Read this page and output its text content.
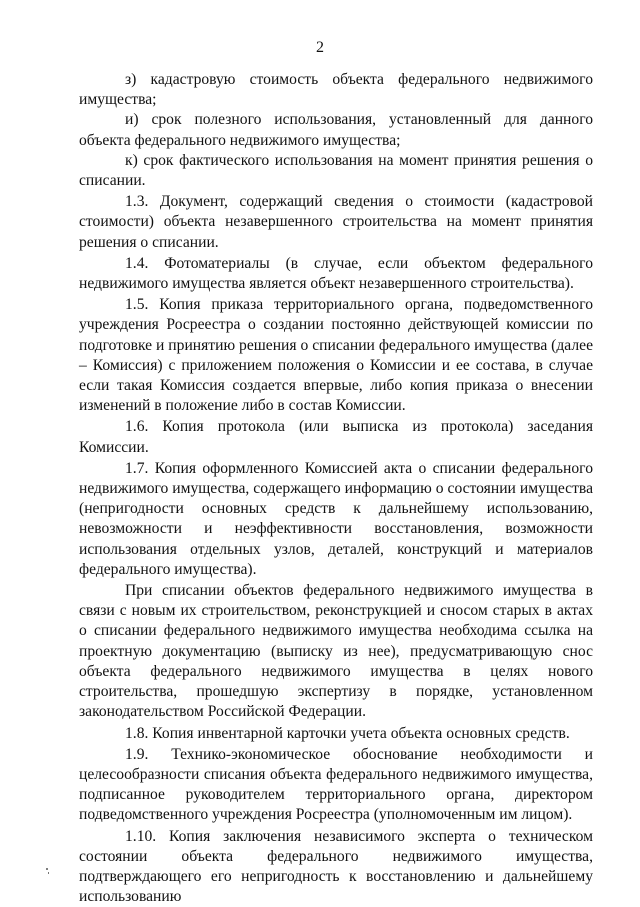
2

з) кадастровую стоимость объекта федерального недвижимого имущества;

и) срок полезного использования, установленный для данного объекта федерального недвижимого имущества;

к) срок фактического использования на момент принятия решения о списании.

1.3. Документ, содержащий сведения о стоимости (кадастровой стоимости) объекта незавершенного строительства на момент принятия решения о списании.

1.4. Фотоматериалы (в случае, если объектом федерального недвижимого имущества является объект незавершенного строительства).

1.5. Копия приказа территориального органа, подведомственного учреждения Росреестра о создании постоянно действующей комиссии по подготовке и принятию решения о списании федерального имущества (далее – Комиссия) с приложением положения о Комиссии и ее состава, в случае если такая Комиссия создается впервые, либо копия приказа о внесении изменений в положение либо в состав Комиссии.

1.6. Копия протокола (или выписка из протокола) заседания Комиссии.

1.7. Копия оформленного Комиссией акта о списании федерального недвижимого имущества, содержащего информацию о состоянии имущества (непригодности основных средств к дальнейшему использованию, невозможности и неэффективности восстановления, возможности использования отдельных узлов, деталей, конструкций и материалов федерального имущества).

При списании объектов федерального недвижимого имущества в связи с новым их строительством, реконструкцией и сносом старых в актах о списании федерального недвижимого имущества необходима ссылка на проектную документацию (выписку из нее), предусматривающую снос объекта федерального недвижимого имущества в целях нового строительства, прошедшую экспертизу в порядке, установленном законодательством Российской Федерации.

1.8. Копия инвентарной карточки учета объекта основных средств.

1.9. Технико-экономическое обоснование необходимости и целесообразности списания объекта федерального недвижимого имущества, подписанное руководителем территориального органа, директором подведомственного учреждения Росреестра (уполномоченным им лицом).

1.10. Копия заключения независимого эксперта о техническом состоянии объекта федерального недвижимого имущества, подтверждающего его непригодность к восстановлению и дальнейшему использованию
